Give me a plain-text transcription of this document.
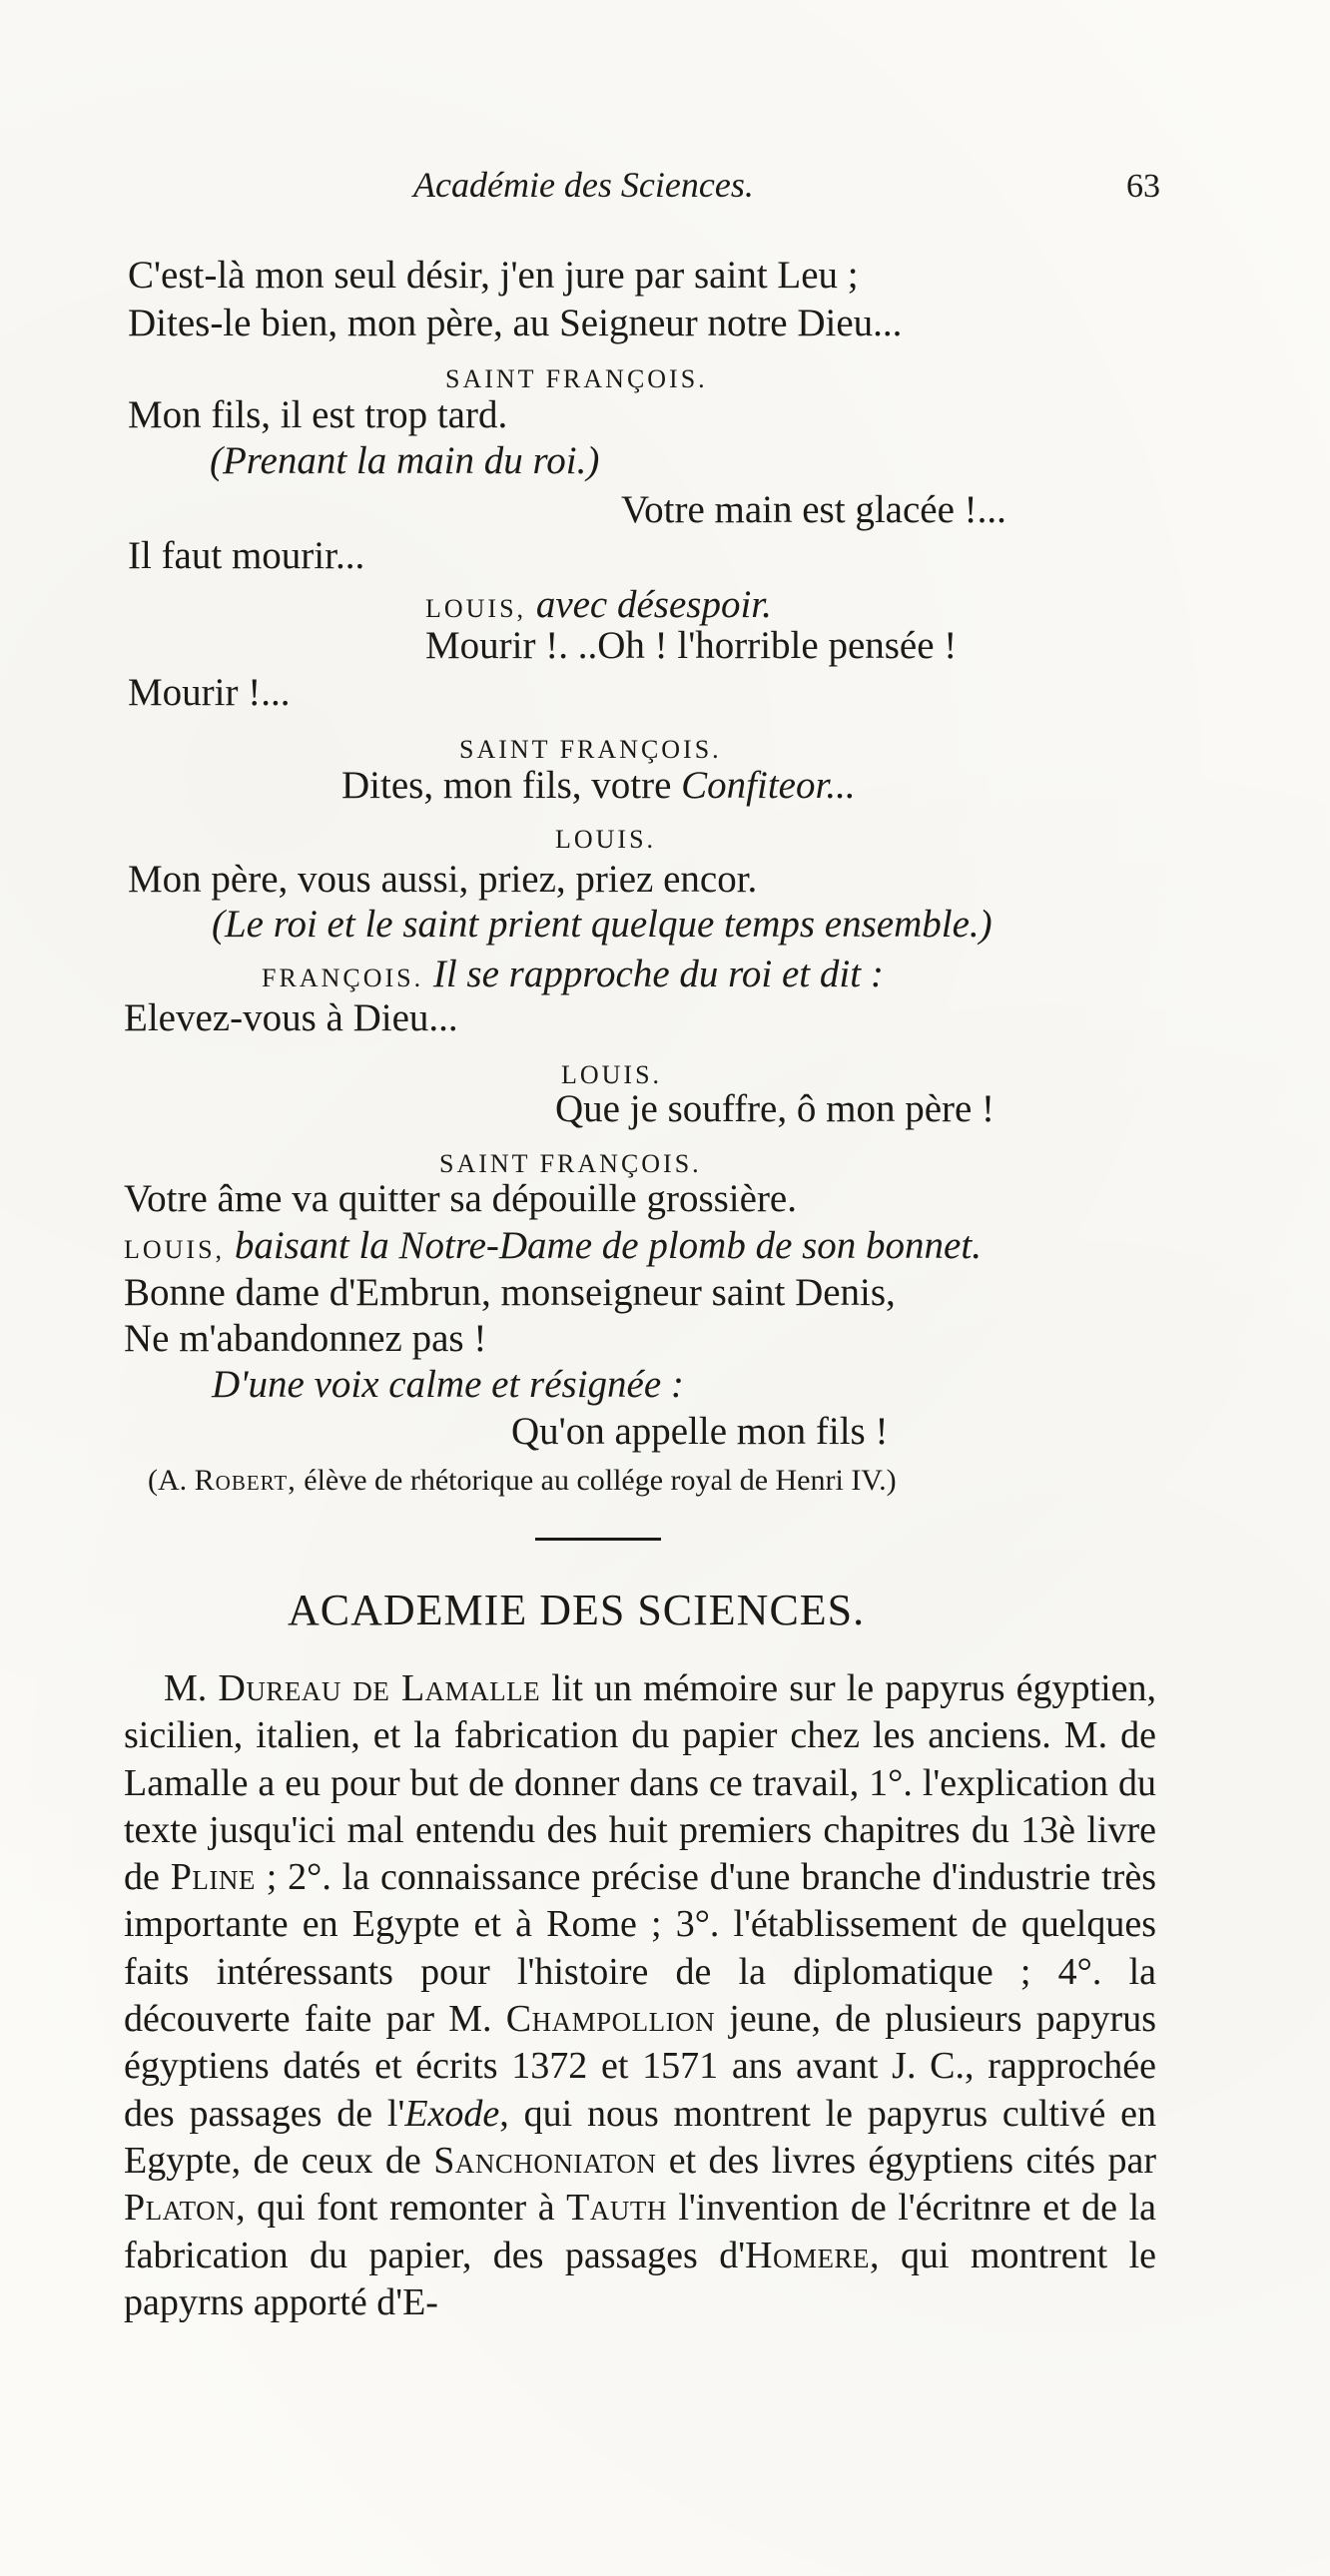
Académie des Sciences.	63
C'est-là mon seul désir, j'en jure par saint Leu ;
Dites-le bien, mon père, au Seigneur notre Dieu...
SAINT FRANÇOIS.
Mon fils, il est trop tard.
(Prenant la main du roi.)
Votre main est glacée !...
Il faut mourir...
LOUIS, avec désespoir.
Mourir !. ..Oh ! l'horrible pensée !
Mourir !...
SAINT FRANÇOIS.
Dites, mon fils, votre Confiteor...
LOUIS.
Mon père, vous aussi, priez, priez encor.
(Le roi et le saint prient quelque temps ensemble.)
FRANÇOIS. Il se rapproche du roi et dit :
Elevez-vous à Dieu...
LOUIS.
Que je souffre, ô mon père !
SAINT FRANÇOIS.
Votre âme va quitter sa dépouille grossière.
LOUIS, baisant la Notre-Dame de plomb de son bonnet.
Bonne dame d'Embrun, monseigneur saint Denis,
Ne m'abandonnez pas !
D'une voix calme et résignée :
Qu'on appelle mon fils !
(A. Robert, élève de rhétorique au collége royal de Henri IV.)
ACADEMIE DES SCIENCES.
M. Dureau de Lamalle lit un mémoire sur le papyrus égyptien, sicilien, italien, et la fabrication du papier chez les anciens. M. de Lamalle a eu pour but de donner dans ce travail, 1°. l'explication du texte jusqu'ici mal entendu des huit premiers chapitres du 13è livre de Pline ; 2°. la connaissance précise d'une branche d'industrie très importante en Egypte et à Rome ; 3°. l'établissement de quelques faits intéressants pour l'histoire de la diplomatique ; 4°. la découverte faite par M. Champollion jeune, de plusieurs papyrus égyptiens datés et écrits 1372 et 1571 ans avant J. C., rapprochée des passages de l'Exode, qui nous montrent le papyrus cultivé en Egypte, de ceux de Sanchoniaton et des livres égyptiens cités par Platon, qui font remonter à Tauth l'invention de l'écritnre et de la fabrication du papier, des passages d'Homere, qui montrent le papyrns apporté d'E-
